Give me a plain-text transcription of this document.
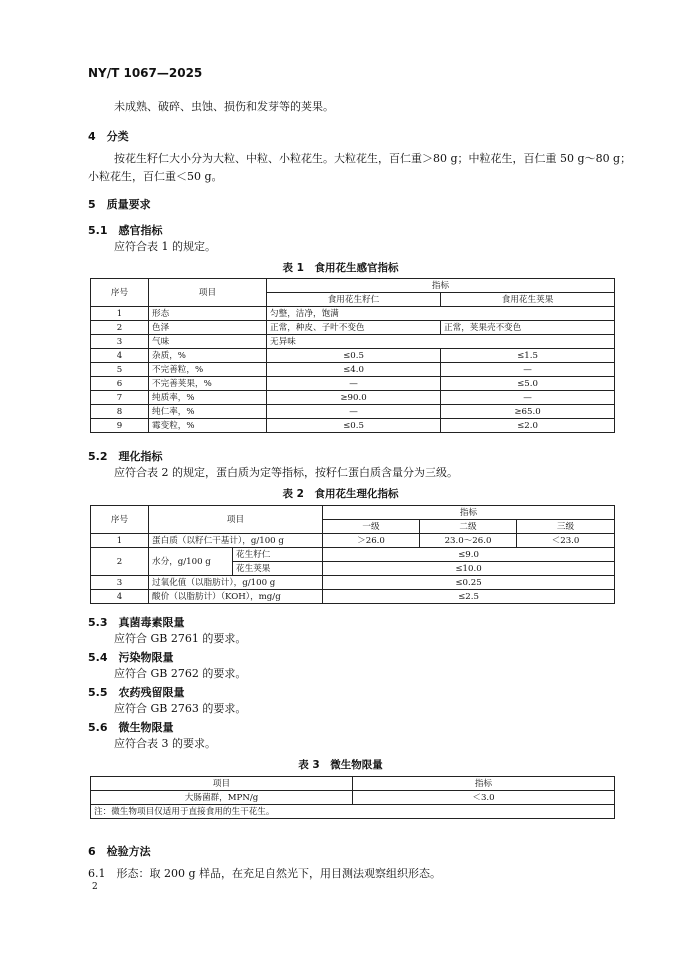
NY/T 1067—2025
未成熟、破碎、虫蚀、损伤和发芽等的荚果。
4　分类
按花生籽仁大小分为大粒、中粒、小粒花生。大粒花生，百仁重＞80 g；中粒花生，百仁重 50 g～80 g；
小粒花生，百仁重＜50 g。
5　质量要求
5.1　感官指标
应符合表 1 的规定。
表 1　食用花生感官指标
序号	项目	指标	
		食用花生籽仁	食用花生荚果
1	形态	匀整，洁净，饱满	
2	色泽	正常，种皮、子叶不变色	正常，荚果壳不变色
3	气味	无异味	
4	杂质，%	≤0.5	≤1.5
5	不完善粒，%	≤4.0	—
6	不完善荚果，%	—	≤5.0
7	纯质率，%	≥90.0	—
8	纯仁率，%	—	≥65.0
9	霉变粒，%	≤0.5	≤2.0
5.2　理化指标
应符合表 2 的规定，蛋白质为定等指标，按籽仁蛋白质含量分为三级。
表 2　食用花生理化指标
序号	项目		指标		
			一级	二级	三级
1	蛋白质（以籽仁干基计），g/100 g		＞26.0	23.0～26.0	＜23.0
2	水分，g/100 g	花生籽仁	≤9.0		
		花生荚果	≤10.0		
3	过氧化值（以脂肪计），g/100 g		≤0.25		
4	酸价（以脂肪计）（KOH），mg/g		≤2.5		
5.3　真菌毒素限量
应符合 GB 2761 的要求。
5.4　污染物限量
应符合 GB 2762 的要求。
5.5　农药残留限量
应符合 GB 2763 的要求。
5.6　微生物限量
应符合表 3 的要求。
表 3　微生物限量
项目	指标
大肠菌群，MPN/g	＜3.0
注：微生物项目仅适用于直接食用的生干花生。	
6　检验方法
6.1　形态：取 200 g 样品，在充足自然光下，用目测法观察组织形态。
2
